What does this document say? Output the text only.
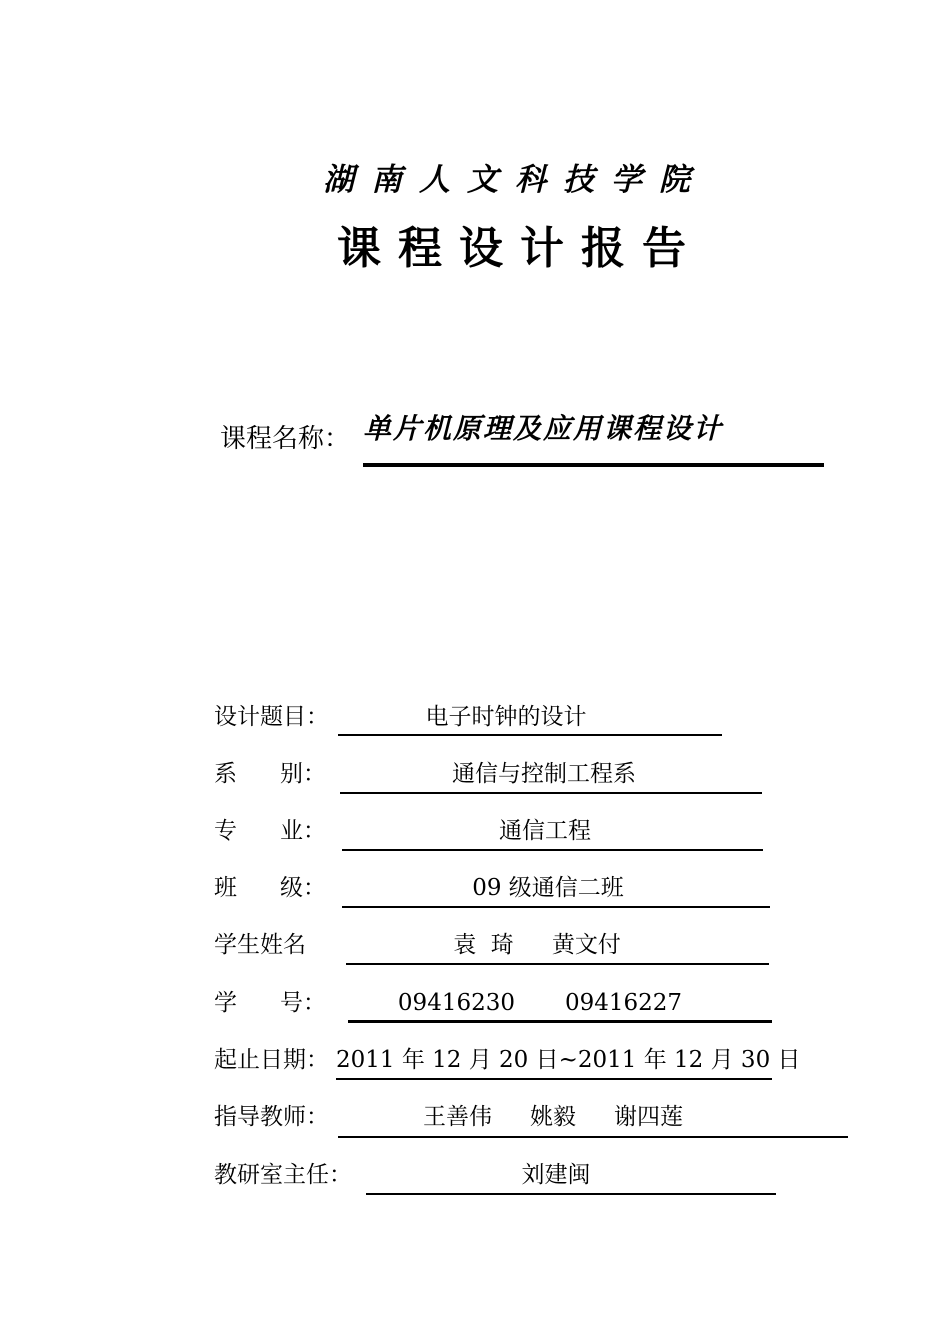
湖南人文科技学院
课程设计报告
课程名称： 单片机原理及应用课程设计
设计题目：	电子时钟的设计
系 别：	通信与控制工程系
专 业：	通信工程
班 级：	09 级通信二班
学生姓名	袁  琦 黄文付
学 号：	09416230 09416227
起止日期： 2011 年 12 月 20 日~2011 年 12 月 30 日
指导教师：	王善伟 姚毅 谢四莲
教研室主任：	刘建闽
